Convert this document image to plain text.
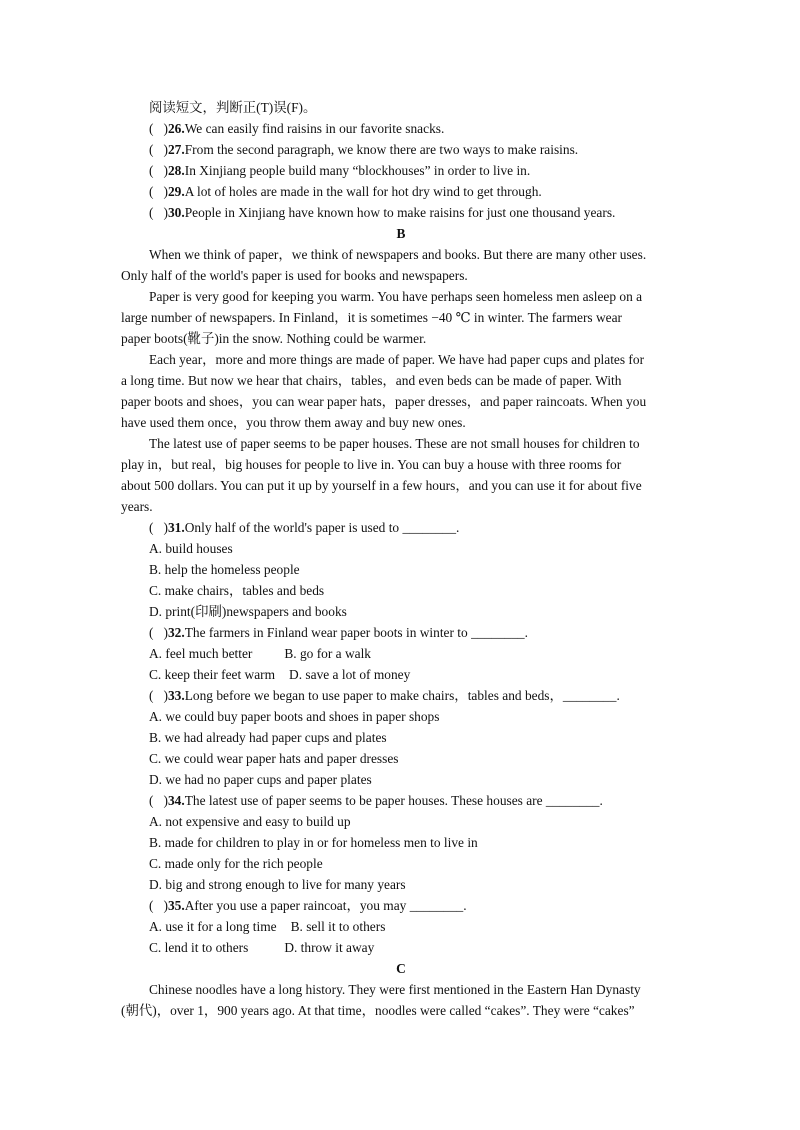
阅读短文，判断正(T)误(F)。
( )26.We can easily find raisins in our favorite snacks.
( )27.From the second paragraph, we know there are two ways to make raisins.
( )28.In Xinjiang people build many “blockhouses” in order to live in.
( )29.A lot of holes are made in the wall for hot dry wind to get through.
( )30.People in Xinjiang have known how to make raisins for just one thousand years.
B
When we think of paper，we think of newspapers and books. But there are many other uses.
Only half of the world's paper is used for books and newspapers.
Paper is very good for keeping you warm. You have perhaps seen homeless men asleep on a
large number of newspapers. In Finland，it is sometimes −40 ℃ in winter. The farmers wear
paper boots(靴子)in the snow. Nothing could be warmer.
Each year，more and more things are made of paper. We have had paper cups and plates for
a long time. But now we hear that chairs，tables，and even beds can be made of paper. With
paper boots and shoes，you can wear paper hats，paper dresses，and paper raincoats. When you
have used them once，you throw them away and buy new ones.
The latest use of paper seems to be paper houses. These are not small houses for children to
play in，but real，big houses for people to live in. You can buy a house with three rooms for
about 500 dollars. You can put it up by yourself in a few hours，and you can use it for about five
years.
( )31.Only half of the world's paper is used to ________.
A. build houses
B. help the homeless people
C. make chairs，tables and beds
D. print(印刷)newspapers and books
( )32.The farmers in Finland wear paper boots in winter to ________.
A. feel much better B. go for a walk
C. keep their feet warm D. save a lot of money
( )33.Long before we began to use paper to make chairs，tables and beds，________.
A. we could buy paper boots and shoes in paper shops
B. we had already had paper cups and plates
C. we could wear paper hats and paper dresses
D. we had no paper cups and paper plates
( )34.The latest use of paper seems to be paper houses. These houses are ________.
A. not expensive and easy to build up
B. made for children to play in or for homeless men to live in
C. made only for the rich people
D. big and strong enough to live for many years
( )35.After you use a paper raincoat，you may ________.
A. use it for a long time B. sell it to others
C. lend it to others	D. throw it away
C
Chinese noodles have a long history. They were first mentioned in the Eastern Han Dynasty
(朝代)，over 1，900 years ago. At that time，noodles were called “cakes”. They were “cakes”
